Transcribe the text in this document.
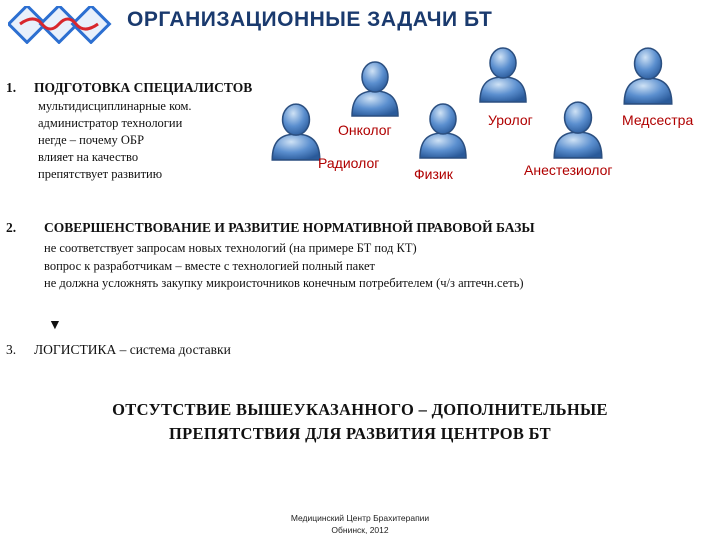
ОРГАНИЗАЦИОННЫЕ ЗАДАЧИ БТ
1. ПОДГОТОВКА СПЕЦИАЛИСТОВ
мультидисциплинарные ком.
администратор технологии
негде – почему ОБР
влияет на качество
препятствует развитию
Онколог
Радиолог
Физик
Уролог
Анестезиолог
Медсестра
2. СОВЕРШЕНСТВОВАНИЕ И РАЗВИТИЕ НОРМАТИВНОЙ ПРАВОВОЙ БАЗЫ
не соответствует запросам новых технологий (на примере БТ под КТ)
вопрос к разработчикам – вместе с технологией полный пакет
не должна усложнять закупку микроисточников конечным потребителем (ч/з аптечн.сеть)
▼
3. ЛОГИСТИКА – система доставки
ОТСУТСТВИЕ ВЫШЕУКАЗАННОГО – ДОПОЛНИТЕЛЬНЫЕ
ПРЕПЯТСТВИЯ ДЛЯ РАЗВИТИЯ ЦЕНТРОВ БТ
Медицинский Центр Брахитерапии
Обнинск, 2012
